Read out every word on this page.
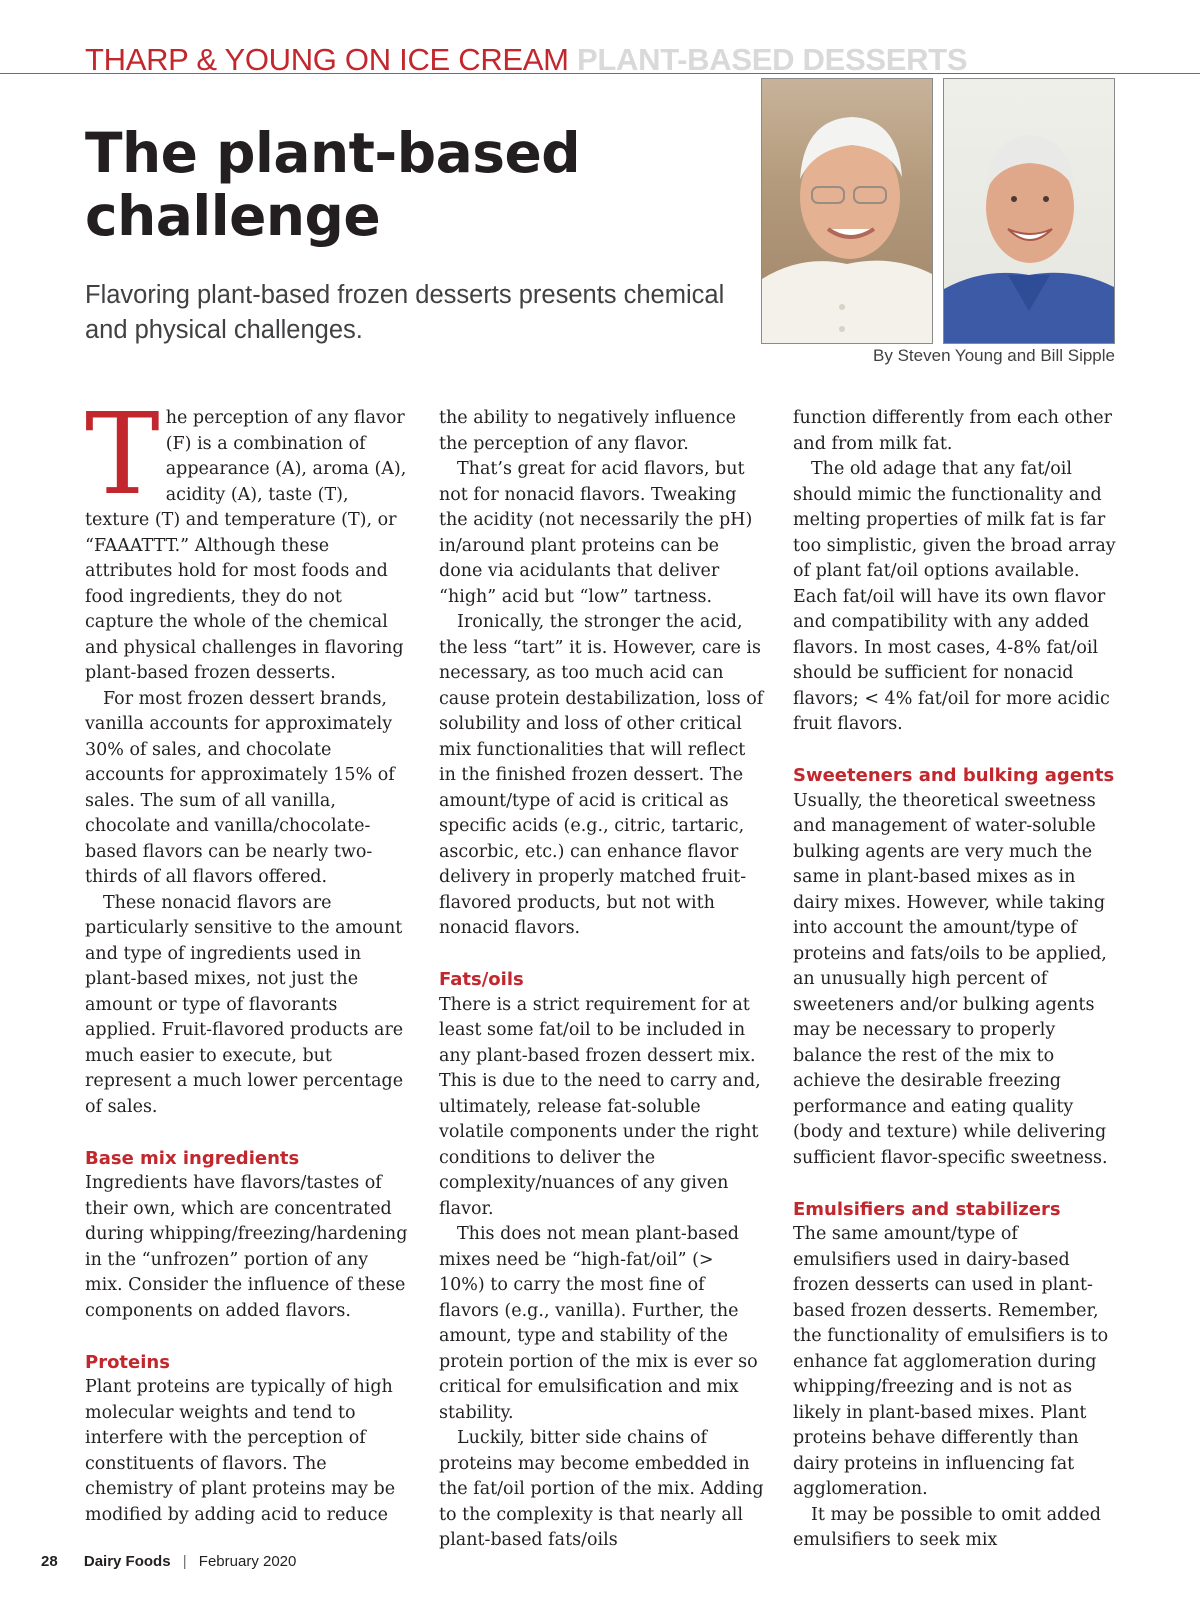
THARP & YOUNG ON ICE CREAM PLANT-BASED DESSERTS
The plant-based challenge

Flavoring plant-based frozen desserts presents chemical and physical challenges.

By Steven Young and Bill Sipple

The perception of any flavor (F) is a combination of appearance (A), aroma (A), acidity (A), taste (T), texture (T) and temperature (T), or “FAAATTT.” Although these attributes hold for most foods and food ingredients, they do not capture the whole of the chemical and physical challenges in flavoring plant-based frozen desserts.

For most frozen dessert brands, vanilla accounts for approximately 30% of sales, and chocolate accounts for approximately 15% of sales. The sum of all vanilla, chocolate and vanilla/chocolate-based flavors can be nearly two-thirds of all flavors offered.

These nonacid flavors are particularly sensitive to the amount and type of ingredients used in plant-based mixes, not just the amount or type of flavorants applied. Fruit-flavored products are much easier to execute, but represent a much lower percentage of sales.

Base mix ingredients

Ingredients have flavors/tastes of their own, which are concentrated during whipping/freezing/hardening in the “unfrozen” portion of any mix. Consider the influence of these components on added flavors.

Proteins

Plant proteins are typically of high molecular weights and tend to interfere with the perception of constituents of flavors. The chemistry of plant proteins may be modified by adding acid to reduce

the ability to negatively influence the perception of any flavor.

That’s great for acid flavors, but not for nonacid flavors. Tweaking the acidity (not necessarily the pH) in/around plant proteins can be done via acidulants that deliver “high” acid but “low” tartness.

Ironically, the stronger the acid, the less “tart” it is. However, care is necessary, as too much acid can cause protein destabilization, loss of solubility and loss of other critical mix functionalities that will reflect in the finished frozen dessert. The amount/type of acid is critical as specific acids (e.g., citric, tartaric, ascorbic, etc.) can enhance flavor delivery in properly matched fruit-flavored products, but not with nonacid flavors.

Fats/oils

There is a strict requirement for at least some fat/oil to be included in any plant-based frozen dessert mix. This is due to the need to carry and, ultimately, release fat-soluble volatile components under the right conditions to deliver the complexity/nuances of any given flavor.

This does not mean plant-based mixes need be “high-fat/oil” (> 10%) to carry the most fine of flavors (e.g., vanilla). Further, the amount, type and stability of the protein portion of the mix is ever so critical for emulsification and mix stability.

Luckily, bitter side chains of proteins may become embedded in the fat/oil portion of the mix. Adding to the complexity is that nearly all plant-based fats/oils

function differently from each other and from milk fat.

The old adage that any fat/oil should mimic the functionality and melting properties of milk fat is far too simplistic, given the broad array of plant fat/oil options available. Each fat/oil will have its own flavor and compatibility with any added flavors. In most cases, 4-8% fat/oil should be sufficient for nonacid flavors; < 4% fat/oil for more acidic fruit flavors.

Sweeteners and bulking agents

Usually, the theoretical sweetness and management of water-soluble bulking agents are very much the same in plant-based mixes as in dairy mixes. However, while taking into account the amount/type of proteins and fats/oils to be applied, an unusually high percent of sweeteners and/or bulking agents may be necessary to properly balance the rest of the mix to achieve the desirable freezing performance and eating quality (body and texture) while delivering sufficient flavor-specific sweetness.

Emulsifiers and stabilizers

The same amount/type of emulsifiers used in dairy-based frozen desserts can used in plant-based frozen desserts. Remember, the functionality of emulsifiers is to enhance fat agglomeration during whipping/freezing and is not as likely in plant-based mixes. Plant proteins behave differently than dairy proteins in influencing fat agglomeration.

It may be possible to omit added emulsifiers to seek mix

28 Dairy Foods | February 2020
